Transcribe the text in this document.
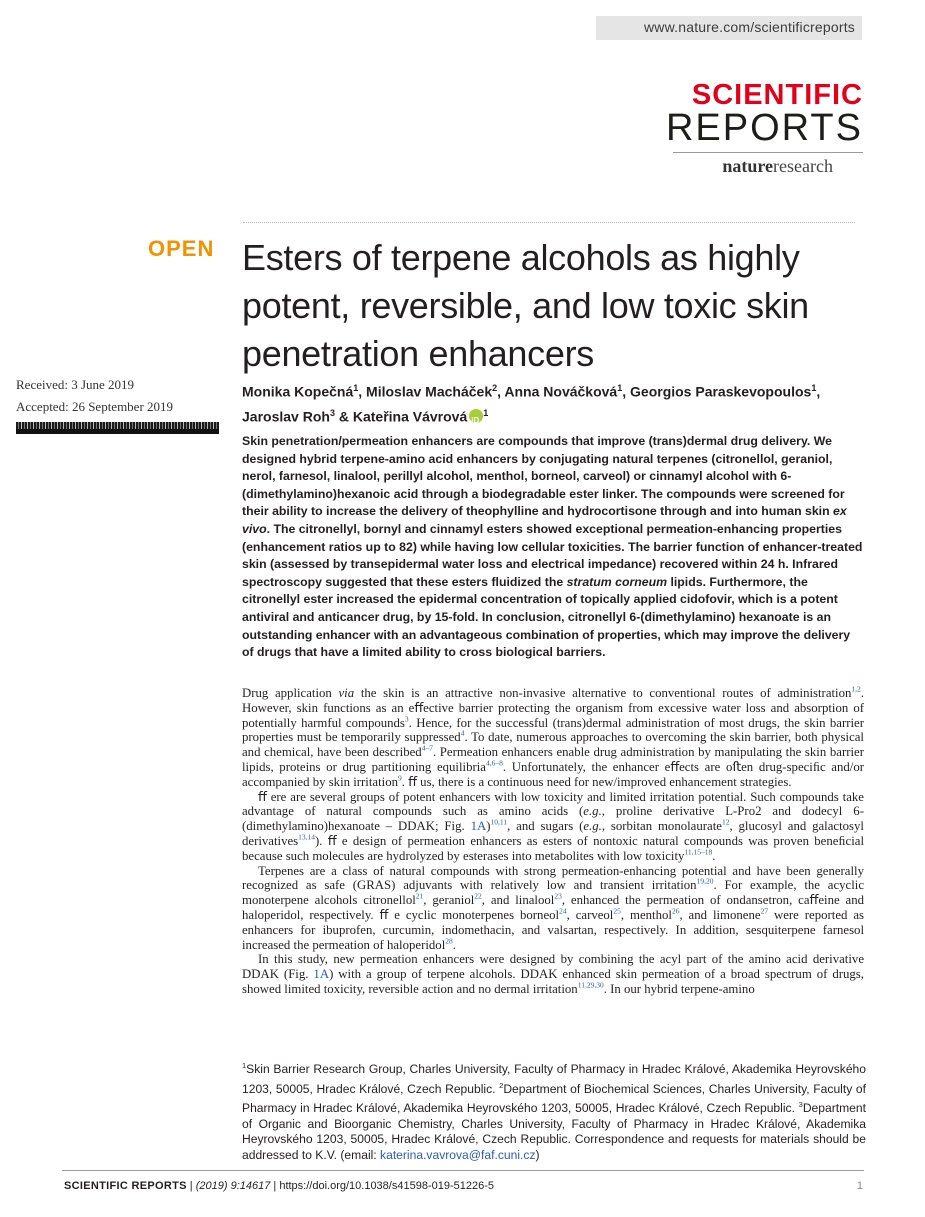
www.nature.com/scientificreports
SCIENTIFIC
REPORTS
natureresearch
OPEN Esters of terpene alcohols as highly potent, reversible, and low toxic skin penetration enhancers
Received: 3 June 2019
Accepted: 26 September 2019
Monika Kopečná$^1$, Miloslav Macháček$^2$, Anna Nováčková$^1$, Georgios Paraskevopoulos$^1$,
Jaroslav Roh$^3$ & Kateřina VávrováiD $^1$
Skin penetration/permeation enhancers are compounds that improve (trans)dermal drug delivery. We designed hybrid terpene-amino acid enhancers by conjugating natural terpenes (citronellol, geraniol, nerol, farnesol, linalool, perillyl alcohol, menthol, borneol, carveol) or cinnamyl alcohol with 6-(dimethylamino)hexanoic acid through a biodegradable ester linker. The compounds were screened for their ability to increase the delivery of theophylline and hydrocortisone through and into human skin ex vivo. The citronellyl, bornyl and cinnamyl esters showed exceptional permeation-enhancing properties (enhancement ratios up to 82) while having low cellular toxicities. The barrier function of enhancer-treated skin (assessed by transepidermal water loss and electrical impedance) recovered within 24 h. Infrared spectroscopy suggested that these esters fluidized the stratum corneum lipids. Furthermore, the citronellyl ester increased the epidermal concentration of topically applied cidofovir, which is a potent antiviral and anticancer drug, by 15-fold. In conclusion, citronellyl 6-(dimethylamino) hexanoate is an outstanding enhancer with an advantageous combination of properties, which may improve the delivery of drugs that have a limited ability to cross biological barriers.

Drug application via the skin is an attractive non-invasive alternative to conventional routes of administration$^{1,2}$. However, skin functions as an eﬀective barrier protecting the organism from excessive water loss and absorption of potentially harmful compounds$^3$. Hence, for the successful (trans)dermal administration of most drugs, the skin barrier properties must be temporarily suppressed$^4$. To date, numerous approaches to overcoming the skin barrier, both physical and chemical, have been described$^{4-7}$. Permeation enhancers enable drug administration by manipulating the skin barrier lipids, proteins or drug partitioning equilibria$^{4,6-8}$. Unfortunately, the enhancer eﬀects are oﬅen drug-speciﬁc and/or accompanied by skin irritation$^9$. ﬀ us, there is a continuous need for new/improved enhancement strategies.

ﬀ ere are several groups of potent enhancers with low toxicity and limited irritation potential. Such compounds take advantage of natural compounds such as amino acids (e.g., proline derivative L-Pro2 and dodecyl 6-(dimethylamino)hexanoate – DDAK; Fig. 1A)$^{10,11}$, and sugars (e.g., sorbitan monolaurate$^{12}$, glucosyl and galactosyl derivatives$^{13,14}$). ﬀ e design of permeation enhancers as esters of nontoxic natural compounds was proven beneﬁcial because such molecules are hydrolyzed by esterases into metabolites with low toxicity$^{11,15-18}$.

Terpenes are a class of natural compounds with strong permeation-enhancing potential and have been generally recognized as safe (GRAS) adjuvants with relatively low and transient irritation$^{19,20}$. For example, the acyclic monoterpene alcohols citronellol$^{21}$, geraniol$^{22}$, and linalool$^{23}$, enhanced the permeation of ondansetron, caﬀeine and haloperidol, respectively. ﬀ e cyclic monoterpenes borneol$^{24}$, carveol$^{25}$, menthol$^{26}$, and limonene$^{27}$ were reported as enhancers for ibuprofen, curcumin, indomethacin, and valsartan, respectively. In addition, sesquiterpene farnesol increased the permeation of haloperidol$^{28}$.

In this study, new permeation enhancers were designed by combining the acyl part of the amino acid derivative DDAK (Fig. 1A) with a group of terpene alcohols. DDAK enhanced skin permeation of a broad spectrum of drugs, showed limited toxicity, reversible action and no dermal irritation$^{11,29,30}$. In our hybrid terpene-amino

$^1$Skin Barrier Research Group, Charles University, Faculty of Pharmacy in Hradec Králové, Akademika Heyrovského 1203, 50005, Hradec Králové, Czech Republic. $^2$Department of Biochemical Sciences, Charles University, Faculty of Pharmacy in Hradec Králové, Akademika Heyrovského 1203, 50005, Hradec Králové, Czech Republic. $^3$Department of Organic and Bioorganic Chemistry, Charles University, Faculty of Pharmacy in Hradec Králové, Akademika Heyrovského 1203, 50005, Hradec Králové, Czech Republic. Correspondence and requests for materials should be addressed to K.V. (email: katerina.vavrova@faf.cuni.cz)
SCIENTIFIC REPORTS | (2019) 9:14617 | https://doi.org/10.1038/s41598-019-51226-5	1
